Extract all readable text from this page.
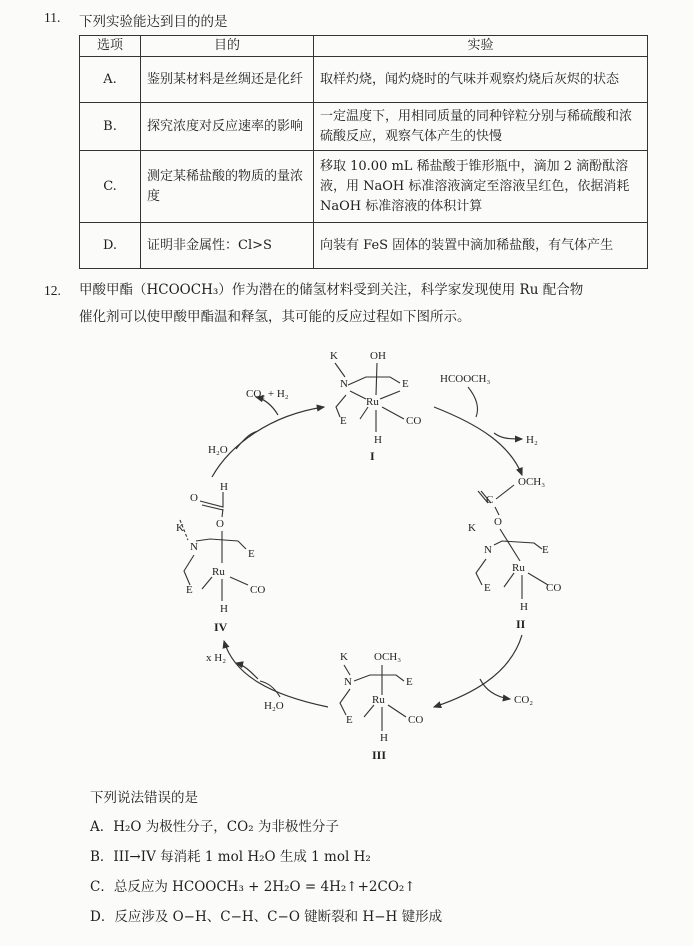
11. 下列实验能达到目的的是
选项	目的	实验
A.	鉴别某材料是丝绸还是化纤	取样灼烧，闻灼烧时的气味并观察灼烧后灰烬的状态
B.	探究浓度对反应速率的影响	一定温度下，用相同质量的同种锌粒分别与稀硫酸和浓硫酸反应，观察气体产生的快慢
C.	测定某稀盐酸的物质的量浓度	移取 10.00 mL 稀盐酸于锥形瓶中，滴加 2 滴酚酞溶液，用 NaOH 标准溶液滴定至溶液呈红色，依据消耗 NaOH 标准溶液的体积计算
D.	证明非金属性：Cl>S	向装有 FeS 固体的装置中滴加稀盐酸，有气体产生
12. 甲酸甲酯（HCOOCH₃）作为潜在的储氢材料受到关注，科学家发现使用 Ru 配合物
催化剂可以使甲酸甲酯温和释氢，其可能的反应过程如下图所示。
K	OH
N
Ru
E
E	CO
H
I
OCH₃
C
O
K
N
Ru
E
E	CO
H
II
K OCH₃
N
Ru
E
E	CO
H
III
H
O
O
K
N
Ru
E
E	CO
H
IV
HCOOCH₃
H₂
CO₂
x H₂
H₂O
H₂O
CO₂ + H₂
下列说法错误的是
A．H₂O 为极性分子，CO₂ 为非极性分子
B．III→IV 每消耗 1 mol H₂O 生成 1 mol H₂
C．总反应为 HCOOCH₃ + 2H₂O = 4H₂↑+2CO₂↑
D．反应涉及 O−H、C−H、C−O 键断裂和 H−H 键形成
